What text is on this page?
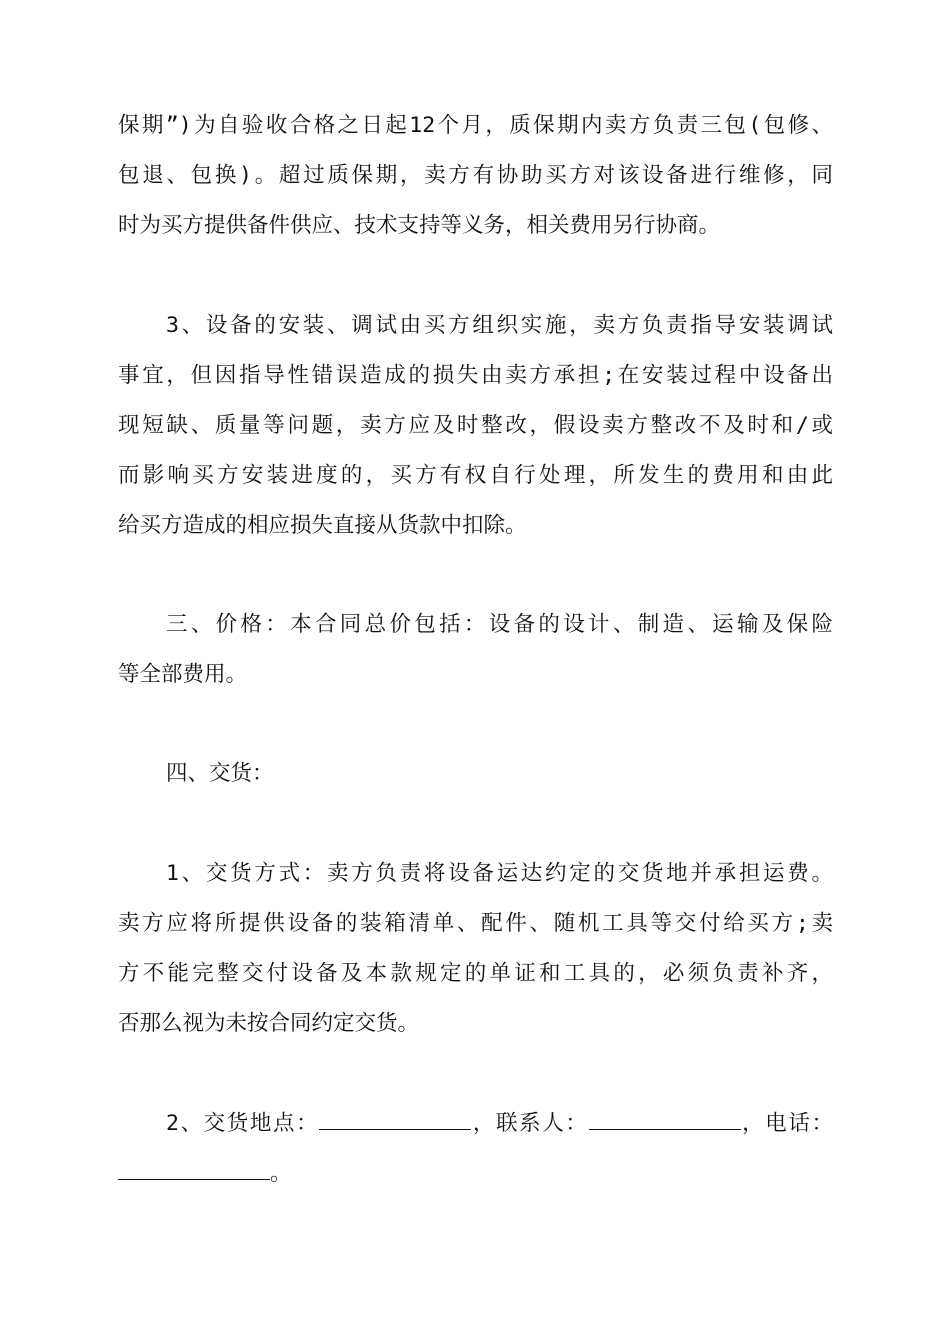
保期”)为自验收合格之日起12个月，质保期内卖方负责三包(包修、
包退、包换)。超过质保期，卖方有协助买方对该设备进行维修，同
时为买方提供备件供应、技术支持等义务，相关费用另行协商。
3、设备的安装、调试由买方组织实施，卖方负责指导安装调试
事宜，但因指导性错误造成的损失由卖方承担;在安装过程中设备出
现短缺、质量等问题，卖方应及时整改，假设卖方整改不及时和/或
而影响买方安装进度的，买方有权自行处理，所发生的费用和由此
给买方造成的相应损失直接从货款中扣除。
三、价格：本合同总价包括：设备的设计、制造、运输及保险
等全部费用。
四、交货：
1、交货方式：卖方负责将设备运达约定的交货地并承担运费。
卖方应将所提供设备的装箱清单、配件、随机工具等交付给买方;卖
方不能完整交付设备及本款规定的单证和工具的，必须负责补齐，
否那么视为未按合同约定交货。
2、交货地点：	，联系人：	，电话：
。
